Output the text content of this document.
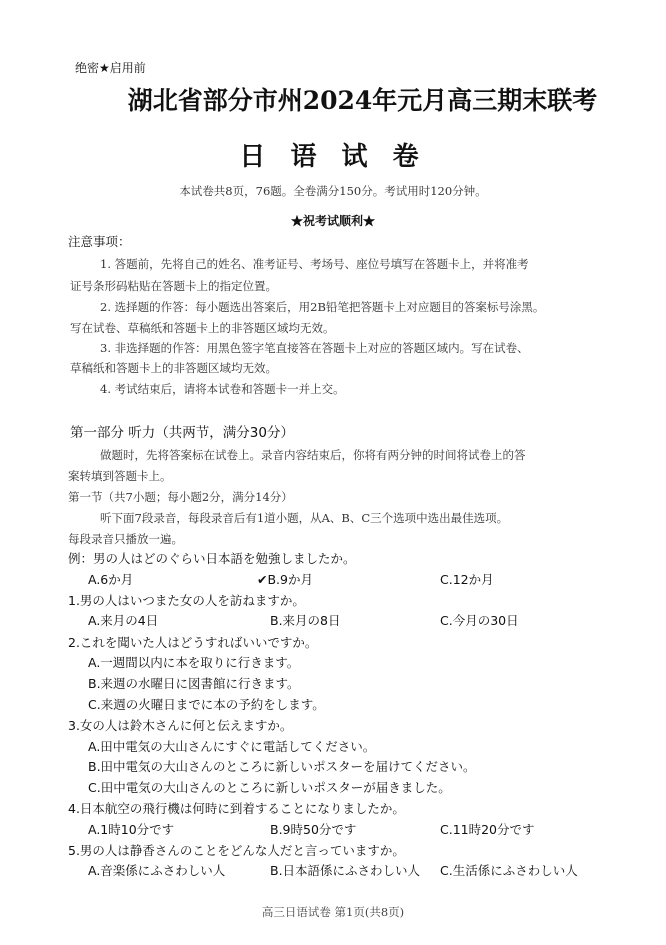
绝密★启用前
湖北省部分市州2024年元月高三期末联考
日 语 试 卷
本试卷共8页，76题。全卷满分150分。考试用时120分钟。
★祝考试顺利★
注意事项：
1. 答题前，先将自己的姓名、准考证号、考场号、座位号填写在答题卡上，并将准考
证号条形码粘贴在答题卡上的指定位置。
2. 选择题的作答：每小题选出答案后，用2B铅笔把答题卡上对应题目的答案标号涂黑。
写在试卷、草稿纸和答题卡上的非答题区域均无效。
3. 非选择题的作答：用黑色签字笔直接答在答题卡上对应的答题区域内。写在试卷、
草稿纸和答题卡上的非答题区域均无效。
4. 考试结束后，请将本试卷和答题卡一并上交。
第一部分 听力（共两节，满分30分）
做题时，先将答案标在试卷上。录音内容结束后，你将有两分钟的时间将试卷上的答
案转填到答题卡上。
第一节（共7小题；每小题2分，满分14分）
听下面7段录音，每段录音后有1道小题，从A、B、C三个选项中选出最佳选项。
每段录音只播放一遍。
例：男の人はどのぐらい日本語を勉強しましたか。
A.6か月	✔B.9か月	C.12か月
1.男の人はいつまた女の人を訪ねますか。
A.来月の4日	B.来月の8日	C.今月の30日
2.これを聞いた人はどうすればいいですか。
A.一週間以内に本を取りに行きます。
B.来週の水曜日に図書館に行きます。
C.来週の火曜日までに本の予約をします。
3.女の人は鈴木さんに何と伝えますか。
A.田中電気の大山さんにすぐに電話してください。
B.田中電気の大山さんのところに新しいポスターを届けてください。
C.田中電気の大山さんのところに新しいポスターが届きました。
4.日本航空の飛行機は何時に到着することになりましたか。
A.1時10分です	B.9時50分です	C.11時20分です
5.男の人は静香さんのことをどんな人だと言っていますか。
A.音楽係にふさわしい人	B.日本語係にふさわしい人 C.生活係にふさわしい人
高三日语试卷 第1页(共8页)
